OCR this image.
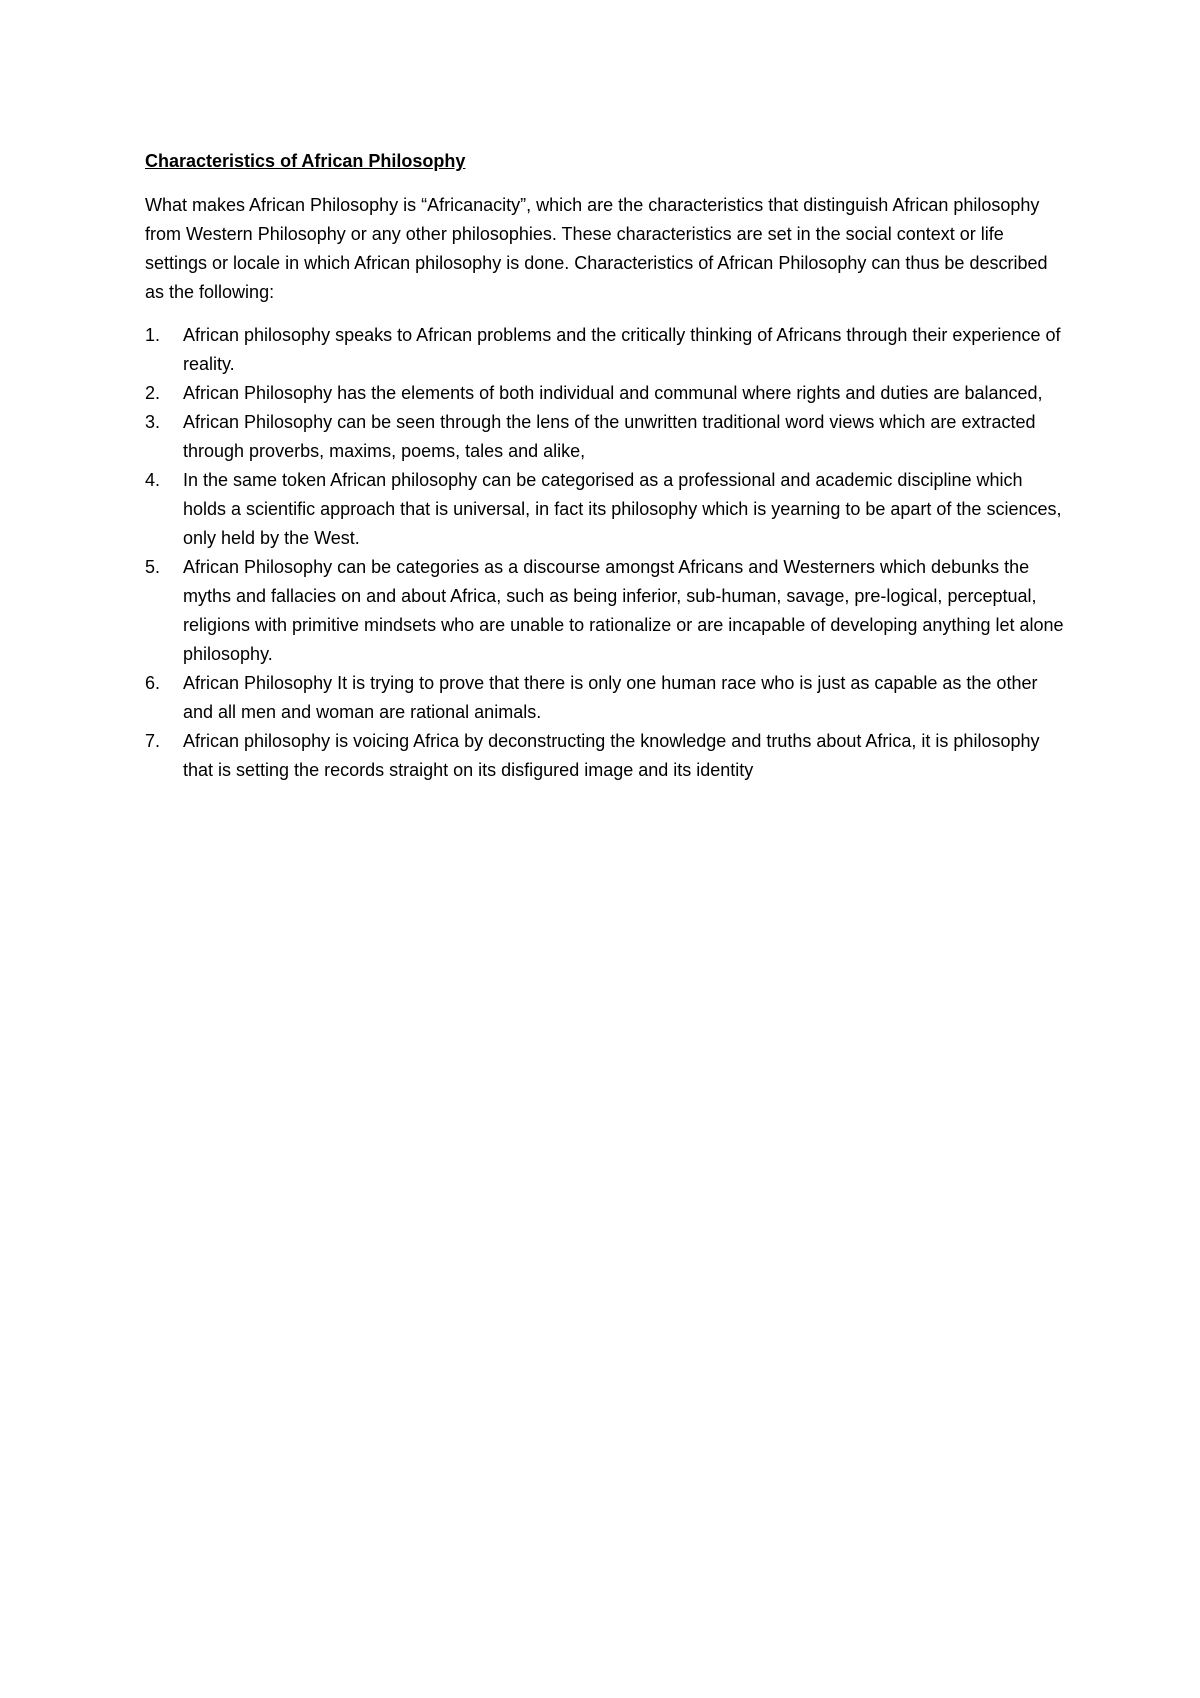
Characteristics of African Philosophy

What makes African Philosophy is “Africanacity”, which are the characteristics that distinguish African philosophy from Western Philosophy or any other philosophies. These characteristics are set in the social context or life settings or locale in which African philosophy is done. Characteristics of African Philosophy can thus be described as the following:

1.	African philosophy speaks to African problems and the critically thinking of Africans through their experience of reality.
2.	African Philosophy has the elements of both individual and communal where rights and duties are balanced,
3.	African Philosophy can be seen through the lens of the unwritten traditional word views which are extracted through proverbs, maxims, poems, tales and alike,
4.	In the same token African philosophy can be categorised as a professional and academic discipline which holds a scientific approach that is universal, in fact its philosophy which is yearning to be apart of the sciences, only held by the West.
5.	African Philosophy can be categories as a discourse amongst Africans and Westerners which debunks the myths and fallacies on and about Africa, such as being inferior, sub-human, savage, pre-logical, perceptual, religions with primitive mindsets who are unable to rationalize or are incapable of developing anything let alone philosophy.
6.	African Philosophy It is trying to prove that there is only one human race who is just as capable as the other and all men and woman are rational animals.
7.	African philosophy is voicing Africa by deconstructing the knowledge and truths about Africa, it is philosophy that is setting the records straight on its disfigured image and its identity
